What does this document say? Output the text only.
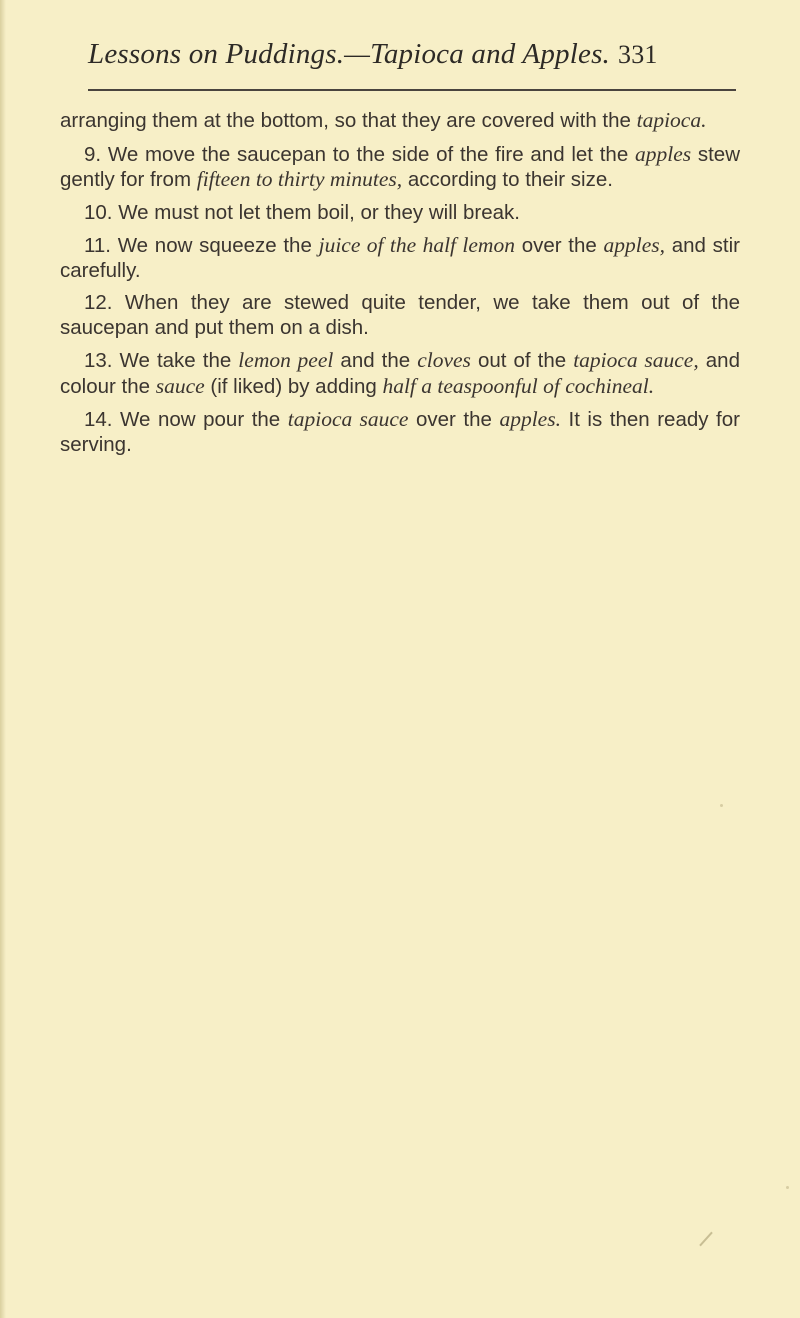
Lessons on Puddings.—Tapioca and Apples. 331

arranging them at the bottom, so that they are covered with the tapioca.

9. We move the saucepan to the side of the fire and let the apples stew gently for from fifteen to thirty minutes, according to their size.

10. We must not let them boil, or they will break.

11. We now squeeze the juice of the half lemon over the apples, and stir carefully.

12. When they are stewed quite tender, we take them out of the saucepan and put them on a dish.

13. We take the lemon peel and the cloves out of the tapioca sauce, and colour the sauce (if liked) by adding half a teaspoonful of cochineal.

14. We now pour the tapioca sauce over the apples. It is then ready for serving.
